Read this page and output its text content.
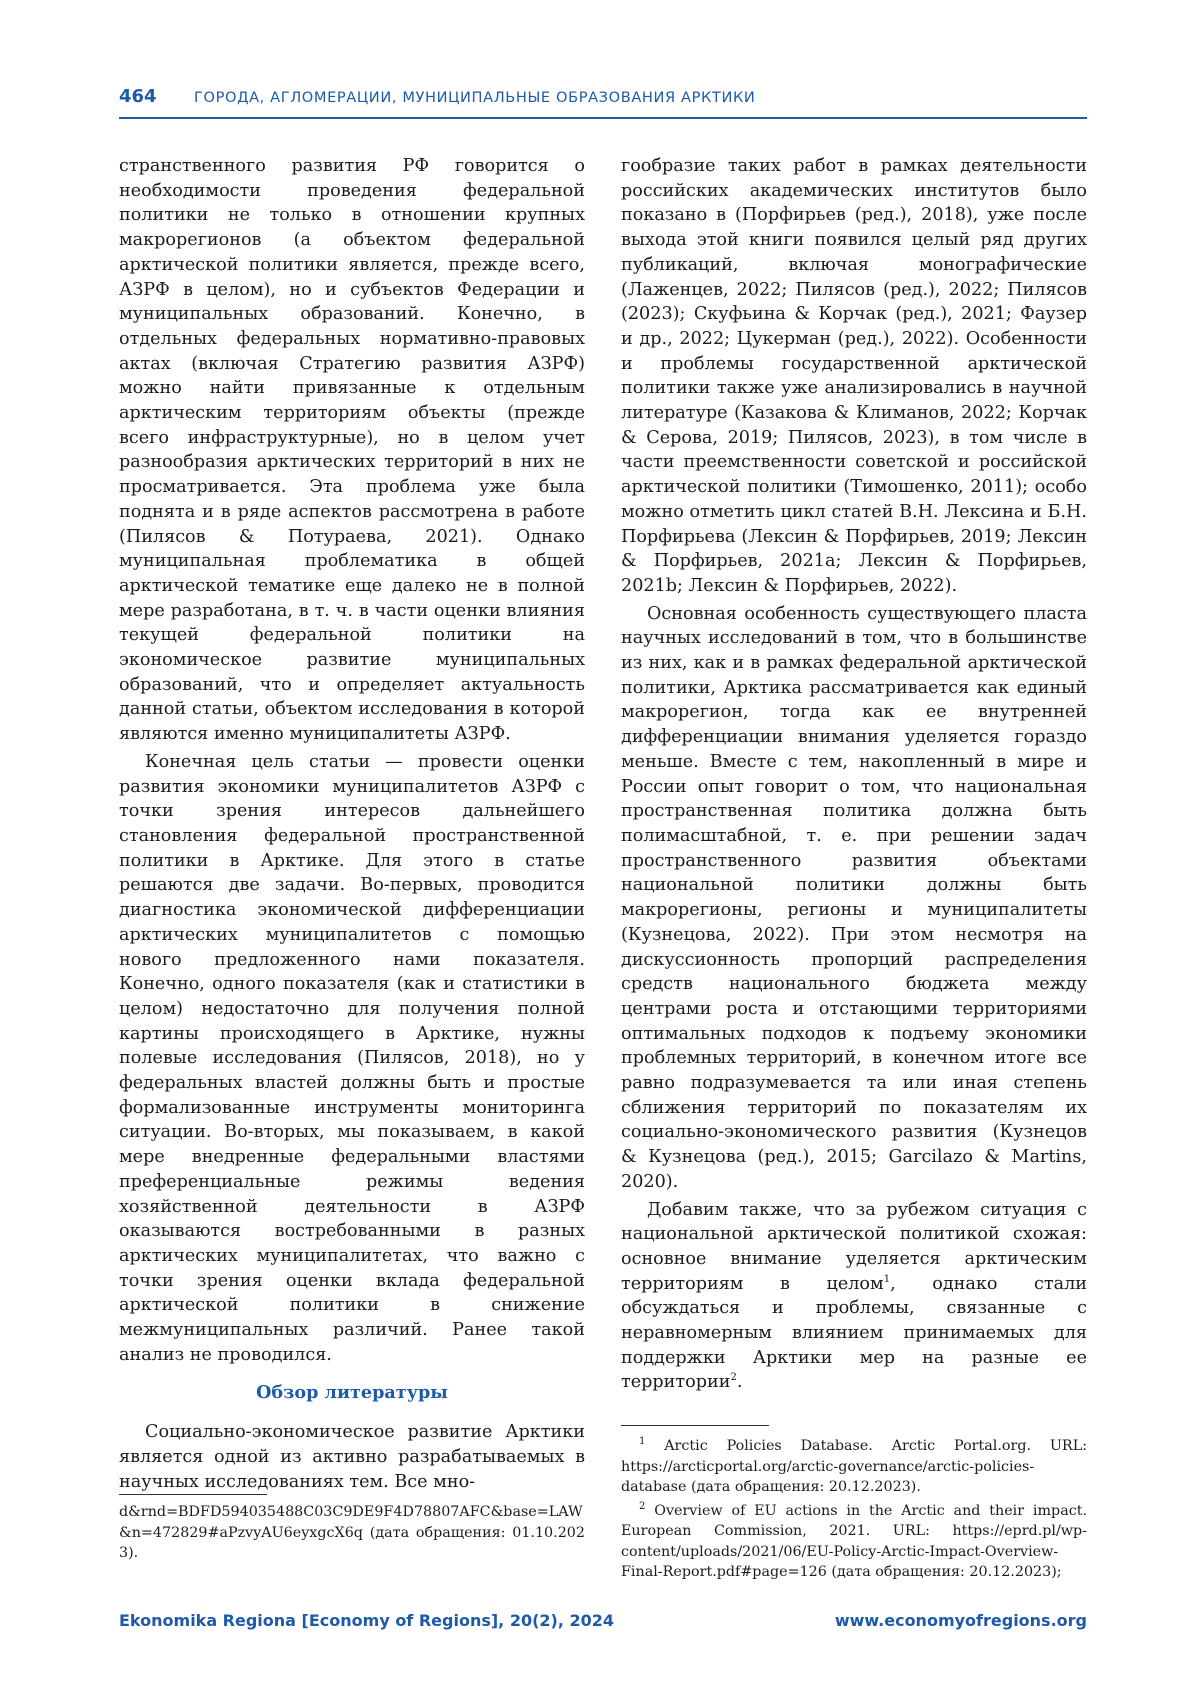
464	ГОРОДА, АГЛОМЕРАЦИИ, МУНИЦИПАЛЬНЫЕ ОБРАЗОВАНИЯ АРКТИКИ

странственного развития РФ говорится о необходимости проведения федеральной политики не только в отношении крупных макрорегионов (а объектом федеральной арктической политики является, прежде всего, АЗРФ в целом), но и субъектов Федерации и муниципальных образований. Конечно, в отдельных федеральных нормативно-правовых актах (включая Стратегию развития АЗРФ) можно найти привязанные к отдельным арктическим территориям объекты (прежде всего инфраструктурные), но в целом учет разнообразия арктических территорий в них не просматривается. Эта проблема уже была поднята и в ряде аспектов рассмотрена в работе (Пилясов & Потураева, 2021). Однако муниципальная проблематика в общей арктической тематике еще далеко не в полной мере разработана, в т. ч. в части оценки влияния текущей федеральной политики на экономическое развитие муниципальных образований, что и определяет актуальность данной статьи, объектом исследования в которой являются именно муниципалитеты АЗРФ.

Конечная цель статьи — провести оценки развития экономики муниципалитетов АЗРФ с точки зрения интересов дальнейшего становления федеральной пространственной политики в Арктике. Для этого в статье решаются две задачи. Во-первых, проводится диагностика экономической дифференциации арктических муниципалитетов с помощью нового предложенного нами показателя. Конечно, одного показателя (как и статистики в целом) недостаточно для получения полной картины происходящего в Арктике, нужны полевые исследования (Пилясов, 2018), но у федеральных властей должны быть и простые формализованные инструменты мониторинга ситуации. Во-вторых, мы показываем, в какой мере внедренные федеральными властями преференциальные режимы ведения хозяйственной деятельности в АЗРФ оказываются востребованными в разных арктических муниципалитетах, что важно с точки зрения оценки вклада федеральной арктической политики в снижение межмуниципальных различий. Ранее такой анализ не проводился.

Обзор литературы

Социально-экономическое развитие Арктики является одной из активно разрабатываемых в научных исследованиях тем. Все мно-

d&rnd=BDFD594035488C03C9DE9F4D78807AFC&base=LAW&n=472829#aPzvyAU6eyxgcX6q (дата обращения: 01.10.2023).

гообразие таких работ в рамках деятельности российских академических институтов было показано в (Порфирьев (ред.), 2018), уже после выхода этой книги появился целый ряд других публикаций, включая монографические (Лаженцев, 2022; Пилясов (ред.), 2022; Пилясов (2023); Скуфьина & Корчак (ред.), 2021; Фаузер и др., 2022; Цукерман (ред.), 2022). Особенности и проблемы государственной арктической политики также уже анализировались в научной литературе (Казакова & Климанов, 2022; Корчак & Серова, 2019; Пилясов, 2023), в том числе в части преемственности советской и российской арктической политики (Тимошенко, 2011); особо можно отметить цикл статей В.Н. Лексина и Б.Н. Порфирьева (Лексин & Порфирьев, 2019; Лексин & Порфирьев, 2021a; Лексин & Порфирьев, 2021b; Лексин & Порфирьев, 2022).

Основная особенность существующего пласта научных исследований в том, что в большинстве из них, как и в рамках федеральной арктической политики, Арктика рассматривается как единый макрорегион, тогда как ее внутренней дифференциации внимания уделяется гораздо меньше. Вместе с тем, накопленный в мире и России опыт говорит о том, что национальная пространственная политика должна быть полимасштабной, т. е. при решении задач пространственного развития объектами национальной политики должны быть макрорегионы, регионы и муниципалитеты (Кузнецова, 2022). При этом несмотря на дискуссионность пропорций распределения средств национального бюджета между центрами роста и отстающими территориями оптимальных подходов к подъему экономики проблемных территорий, в конечном итоге все равно подразумевается та или иная степень сближения территорий по показателям их социально-экономического развития (Кузнецов & Кузнецова (ред.), 2015; Garcilazo & Martins, 2020).

Добавим также, что за рубежом ситуация с национальной арктической политикой схожая: основное внимание уделяется арктическим территориям в целом$^1$, однако стали обсуждаться и проблемы, связанные с неравномерным влиянием принимаемых для поддержки Арктики мер на разные ее территории$^2$.

$^1$ Arctic Policies Database. Arctic Portal.org. URL: https://arcticportal.org/arctic-governance/arctic-policies-database (дата обращения: 20.12.2023).

$^2$ Overview of EU actions in the Arctic and their impact. European Commission, 2021. URL: https://eprd.pl/wp-content/uploads/2021/06/EU-Policy-Arctic-Impact-Overview-Final-Report.pdf#page=126 (дата обращения: 20.12.2023);

Ekonomika Regiona [Economy of Regions], 20(2), 2024	www.economyofregions.org
